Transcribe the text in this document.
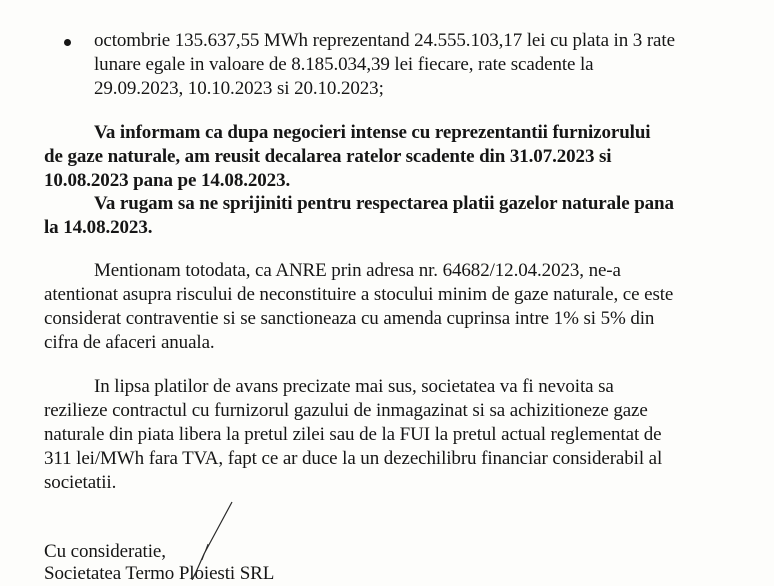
octombrie 135.637,55 MWh reprezentand 24.555.103,17 lei cu plata in 3 rate
lunare egale in valoare de 8.185.034,39 lei fiecare, rate scadente la
29.09.2023, 10.10.2023 si 20.10.2023;
Va informam ca dupa negocieri intense cu reprezentantii furnizorului
de gaze naturale, am reusit decalarea ratelor scadente din 31.07.2023 si
10.08.2023 pana pe 14.08.2023.
Va rugam sa ne sprijiniti pentru respectarea platii gazelor naturale pana
la 14.08.2023.
Mentionam totodata, ca ANRE prin adresa nr. 64682/12.04.2023, ne-a
atentionat asupra riscului de neconstituire a stocului minim de gaze naturale, ce este
considerat contraventie si se sanctioneaza cu amenda cuprinsa intre 1% si 5% din
cifra de afaceri anuala.
In lipsa platilor de avans precizate mai sus, societatea va fi nevoita sa
rezilieze contractul cu furnizorul gazului de inmagazinat si sa achizitioneze gaze
naturale din piata libera la pretul zilei sau de la FUI la pretul actual reglementat de
311 lei/MWh fara TVA, fapt ce ar duce la un dezechilibru financiar considerabil al
societatii.
Cu consideratie,
Societatea Termo Ploiesti SRL
